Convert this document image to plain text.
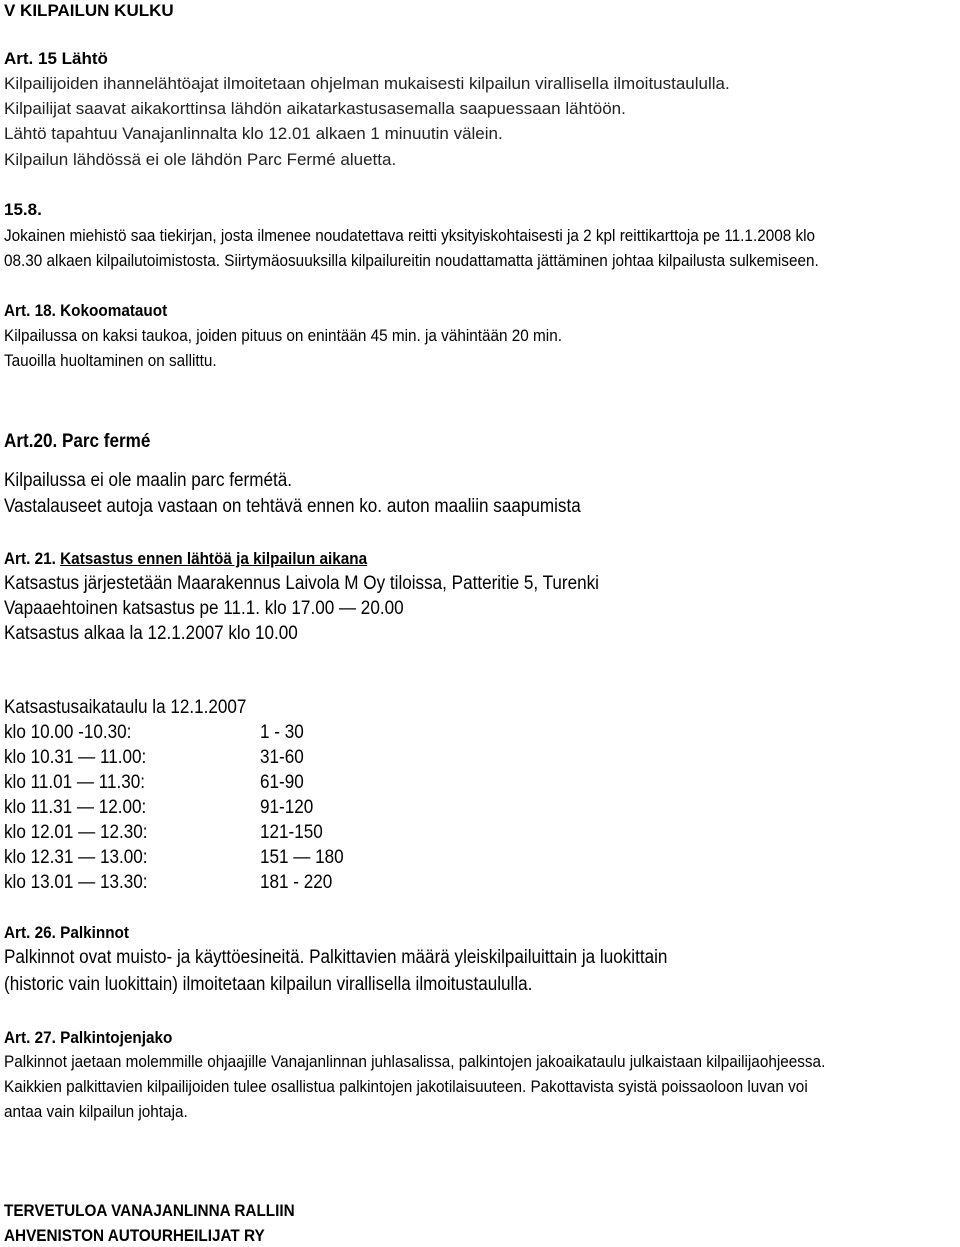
V KILPAILUN KULKU
Art. 15 Lähtö
Kilpailijoiden ihannelähtöajat ilmoitetaan ohjelman mukaisesti kilpailun virallisella ilmoitustaululla.
Kilpailijat saavat aikakorttinsa lähdön aikatarkastusasemalla saapuessaan lähtöön.
Lähtö tapahtuu Vanajanlinnalta klo 12.01 alkaen 1 minuutin välein.
Kilpailun lähdössä ei ole lähdön Parc Fermé aluetta.
15.8.
Jokainen miehistö saa tiekirjan, josta ilmenee noudatettava reitti yksityiskohtaisesti ja 2 kpl reittikarttoja pe 11.1.2008 klo
08.30 alkaen kilpailutoimistosta. Siirtymäosuuksilla kilpailureitin noudattamatta jättäminen johtaa kilpailusta sulkemiseen.
Art. 18. Kokoomatauot
Kilpailussa on kaksi taukoa, joiden pituus on enintään 45 min. ja vähintään 20 min.
Tauoilla huoltaminen on sallittu.
Art.20. Parc fermé
Kilpailussa ei ole maalin parc fermétä.
Vastalauseet autoja vastaan on tehtävä ennen ko. auton maaliin saapumista
Art. 21. Katsastus ennen lähtöä ja kilpailun aikana
Katsastus järjestetään Maarakennus Laivola M Oy tiloissa, Patteritie 5, Turenki
Vapaaehtoinen katsastus pe 11.1. klo 17.00 — 20.00
Katsastus alkaa la 12.1.2007 klo 10.00
Katsastusaikataulu la 12.1.2007
klo 10.00 -10.30:	1 - 30
klo 10.31 — 11.00:	31-60
klo 11.01 — 11.30:	61-90
klo 11.31 — 12.00:	91-120
klo 12.01 — 12.30:	121-150
klo 12.31 — 13.00:	151 — 180
klo 13.01 — 13.30:	181 - 220
Art. 26. Palkinnot
Palkinnot ovat muisto- ja käyttöesineitä. Palkittavien määrä yleiskilpailuittain ja luokittain
(historic vain luokittain) ilmoitetaan kilpailun virallisella ilmoitustaululla.
Art. 27. Palkintojenjako
Palkinnot jaetaan molemmille ohjaajille Vanajanlinnan juhlasalissa, palkintojen jakoaikataulu julkaistaan kilpailijaohjeessa.
Kaikkien palkittavien kilpailijoiden tulee osallistua palkintojen jakotilaisuuteen. Pakottavista syistä poissaoloon luvan voi
antaa vain kilpailun johtaja.
TERVETULOA VANAJANLINNA RALLIIN
AHVENISTON AUTOURHEILIJAT RY
